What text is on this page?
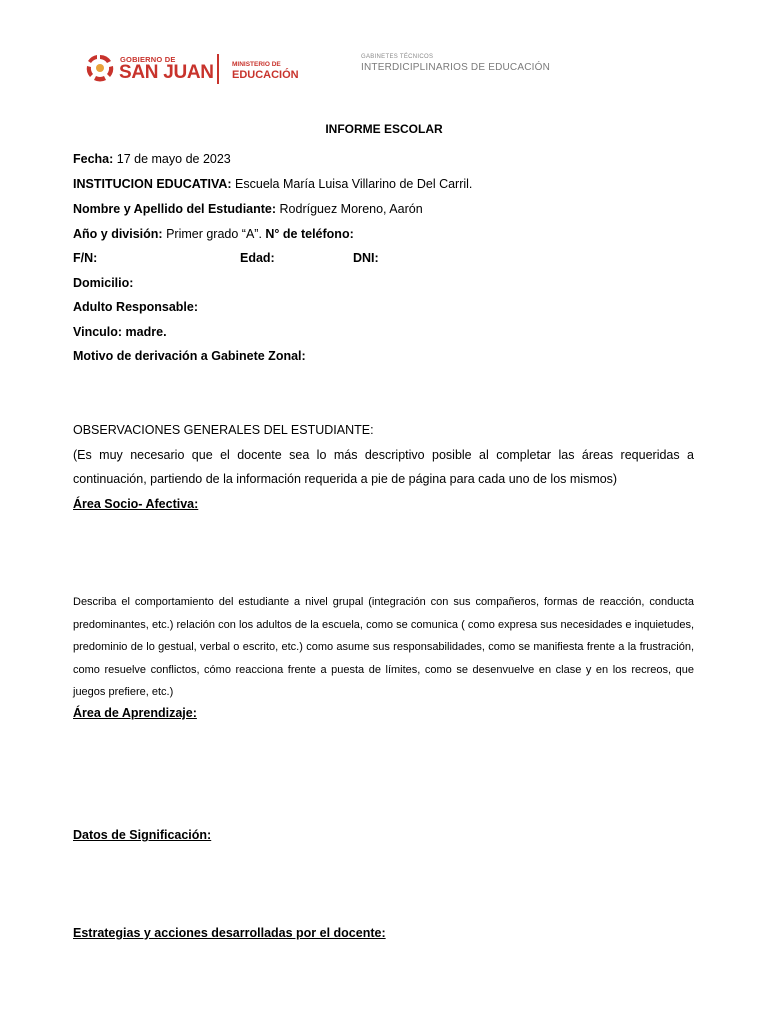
GOBIERNO DE
SAN JUAN	MINISTERIO DE
EDUCACIÓN
GABINETES TÉCNICOS
INTERDICIPLINARIOS DE EDUCACIÓN
INFORME ESCOLAR
Fecha: 17 de mayo de 2023
INSTITUCION EDUCATIVA: Escuela María Luisa Villarino de Del Carril.
Nombre y Apellido del Estudiante: Rodríguez Moreno, Aarón
Año y división: Primer grado “A”. N° de teléfono:
F/N:	Edad:	DNI:
Domicilio:
Adulto Responsable:
Vinculo: madre.
Motivo de derivación a Gabinete Zonal:
OBSERVACIONES GENERALES DEL ESTUDIANTE:
(Es muy necesario que el docente sea lo más descriptivo posible al completar las áreas requeridas a continuación, partiendo de la información requerida a pie de página para cada uno de los mismos)
Área Socio- Afectiva:
Describa el comportamiento del estudiante a nivel grupal (integración con sus compañeros, formas de reacción, conducta predominantes, etc.) relación con los adultos de la escuela, como se comunica ( como expresa sus necesidades e inquietudes, predominio de lo gestual, verbal o escrito, etc.) como asume sus responsabilidades, como se manifiesta frente a la frustración, como resuelve conflictos, cómo reacciona frente a puesta de límites, como se desenvuelve en clase y en los recreos, que juegos prefiere, etc.)
Área de Aprendizaje:
Datos de Significación:
Estrategias y acciones desarrolladas por el docente:
